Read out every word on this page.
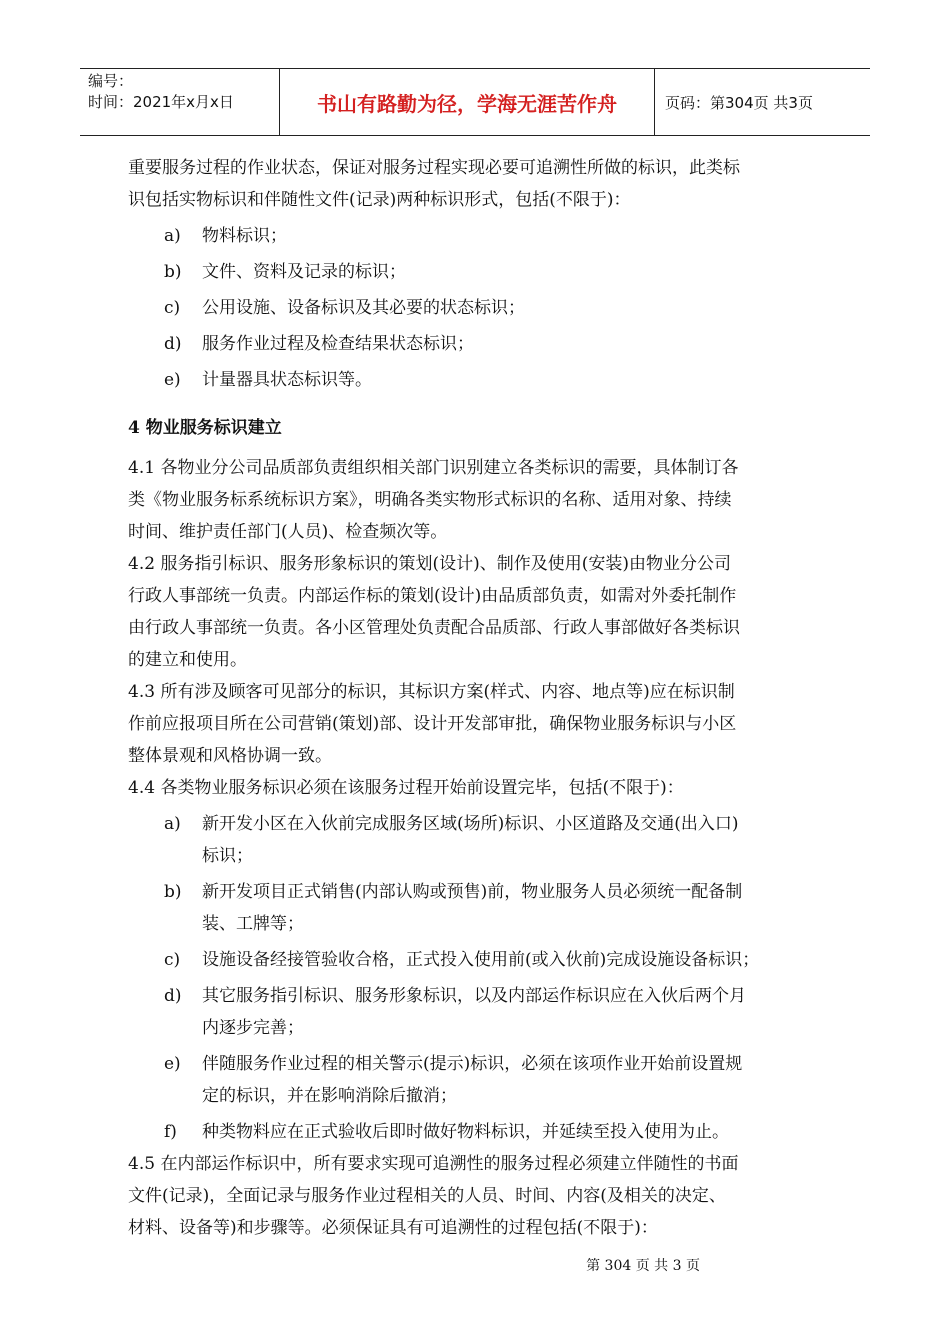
编号：
时间：2021年x月x日	书山有路勤为径，学海无涯苦作舟	页码：第304页 共3页

重要服务过程的作业状态，保证对服务过程实现必要可追溯性所做的标识，此类标

识包括实物标识和伴随性文件(记录)两种标识形式，包括(不限于)：

a)	物料标识；
b)	文件、资料及记录的标识；
c)	公用设施、设备标识及其必要的状态标识；
d)	服务作业过程及检查结果状态标识；
e)	计量器具状态标识等。

4 物业服务标识建立

4.1 各物业分公司品质部负责组织相关部门识别建立各类标识的需要，具体制订各

类《物业服务标系统标识方案》，明确各类实物形式标识的名称、适用对象、持续

时间、维护责任部门(人员)、检查频次等。

4.2 服务指引标识、服务形象标识的策划(设计)、制作及使用(安装)由物业分公司

行政人事部统一负责。内部运作标的策划(设计)由品质部负责，如需对外委托制作

由行政人事部统一负责。各小区管理处负责配合品质部、行政人事部做好各类标识

的建立和使用。

4.3 所有涉及顾客可见部分的标识，其标识方案(样式、内容、地点等)应在标识制

作前应报项目所在公司营销(策划)部、设计开发部审批，确保物业服务标识与小区

整体景观和风格协调一致。

4.4 各类物业服务标识必须在该服务过程开始前设置完毕，包括(不限于)：

a)	新开发小区在入伙前完成服务区域(场所)标识、小区道路及交通(出入口)
标识；
b)	新开发项目正式销售(内部认购或预售)前，物业服务人员必须统一配备制
装、工牌等；
c)	设施设备经接管验收合格，正式投入使用前(或入伙前)完成设施设备标识；
d)	其它服务指引标识、服务形象标识，以及内部运作标识应在入伙后两个月
内逐步完善；
e)	伴随服务作业过程的相关警示(提示)标识，必须在该项作业开始前设置规
定的标识，并在影响消除后撤消；
f)	种类物料应在正式验收后即时做好物料标识，并延续至投入使用为止。

4.5 在内部运作标识中，所有要求实现可追溯性的服务过程必须建立伴随性的书面

文件(记录)，全面记录与服务作业过程相关的人员、时间、内容(及相关的决定、

材料、设备等)和步骤等。必须保证具有可追溯性的过程包括(不限于)：

第 304 页 共 3 页
